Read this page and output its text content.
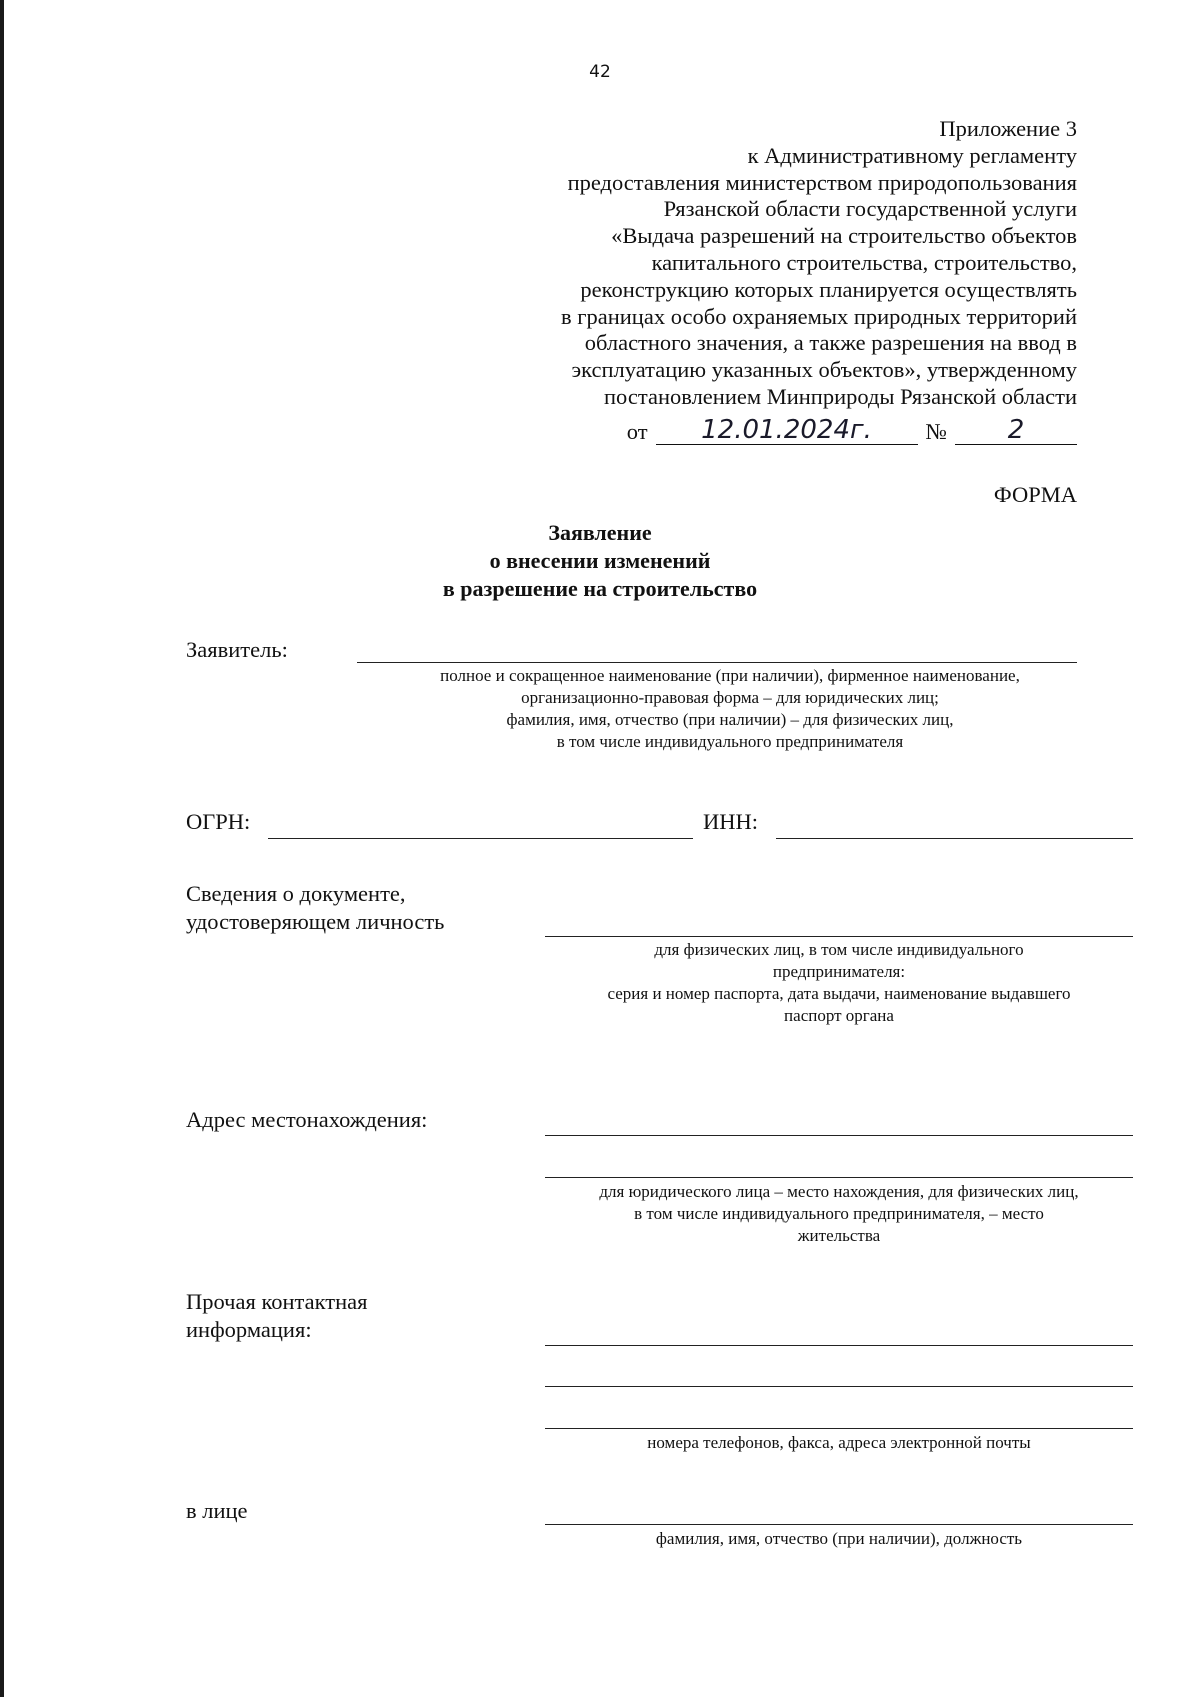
42
Приложение 3
к Административному регламенту
предоставления министерством природопользования
Рязанской области государственной услуги
«Выдача разрешений на строительство объектов
капитального строительства, строительство,
реконструкцию которых планируется осуществлять
в границах особо охраняемых природных территорий
областного значения, а также разрешения на ввод в
эксплуатацию указанных объектов», утвержденному
постановлением Минприроды Рязанской области
от	12.01.2024г.	№	2
ФОРМА
Заявление
о внесении изменений
в разрешение на строительство
Заявитель:
полное и сокращенное наименование (при наличии), фирменное наименование,
организационно-правовая форма – для юридических лиц;
фамилия, имя, отчество (при наличии) – для физических лиц,
в том числе индивидуального предпринимателя
ОГРН:	ИНН:
Сведения о документе,
удостоверяющем личность
для физических лиц, в том числе индивидуального
предпринимателя:
серия и номер паспорта, дата выдачи, наименование выдавшего
паспорт органа
Адрес местонахождения:
для юридического лица – место нахождения, для физических лиц,
в том числе индивидуального предпринимателя, – место
жительства
Прочая контактная
информация:
номера телефонов, факса, адреса электронной почты
в лице
фамилия, имя, отчество (при наличии), должность
